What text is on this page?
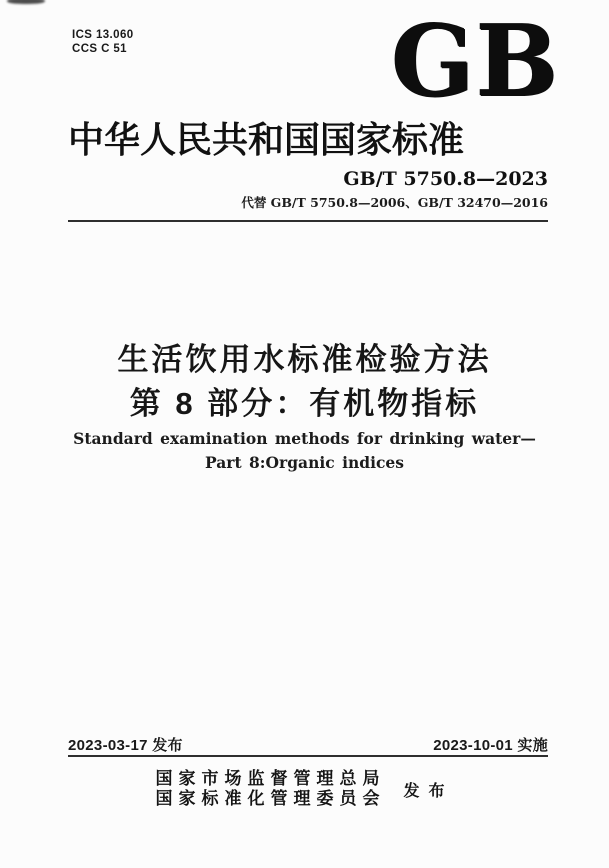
ICS 13.060
CCS C 51	GB
中华人民共和国国家标准
GB/T 5750.8—2023
代替 GB/T 5750.8—2006、GB/T 32470—2016
生活饮用水标准检验方法
第 8 部分：有机物指标
Standard examination methods for drinking water—
Part 8:Organic indices
2023-03-17 发布	2023-10-01 实施
国家市场监督管理总局
国家标准化管理委员会 发布
